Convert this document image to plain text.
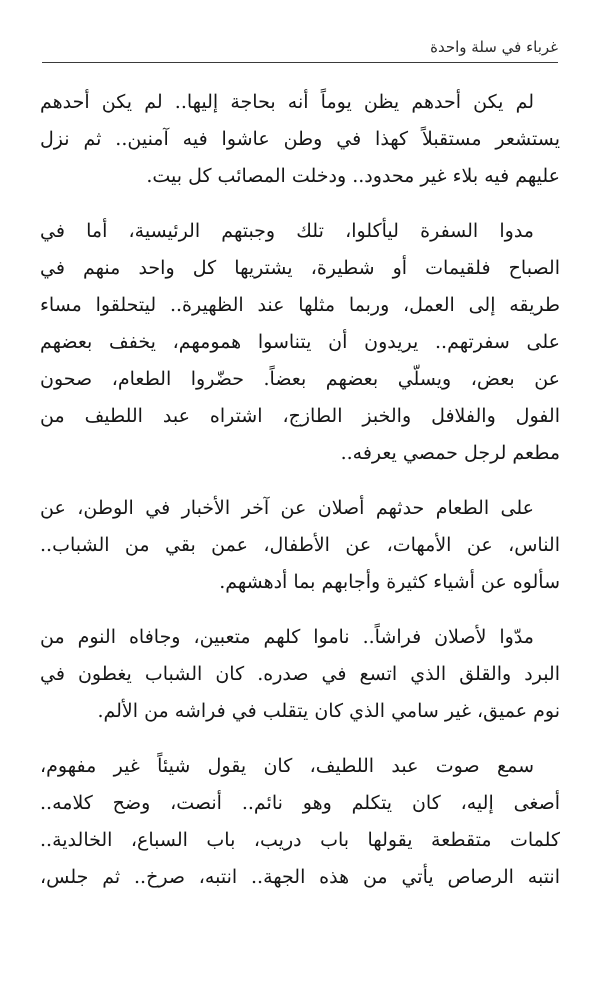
غرباء في سلة واحدة
لم يكن أحدهم يظن يوماً أنه بحاجة إليها.. لم يكن أحدهم
يستشعر مستقبلاً كهذا في وطن عاشوا فيه آمنين.. ثم نزل
عليهم فيه بلاء غير محدود.. ودخلت المصائب كل بيت.
مدوا السفرة ليأكلوا، تلك وجبتهم الرئيسية، أما في
الصباح فلقيمات أو شطيرة، يشتريها كل واحد منهم في
طريقه إلى العمل، وربما مثلها عند الظهيرة.. ليتحلقوا مساء
على سفرتهم.. يريدون أن يتناسوا همومهم، يخفف بعضهم
عن بعض، ويسلّي بعضهم بعضاً. حضّروا الطعام، صحون
الفول والفلافل والخبز الطازج، اشتراه عبد اللطيف من
مطعم لرجل حمصي يعرفه..
على الطعام حدثهم أصلان عن آخر الأخبار في الوطن، عن
الناس، عن الأمهات، عن الأطفال، عمن بقي من الشباب..
سألوه عن أشياء كثيرة وأجابهم بما أدهشهم.
مدّوا لأصلان فراشاً.. ناموا كلهم متعبين، وجافاه النوم من
البرد والقلق الذي اتسع في صدره. كان الشباب يغطون في
نوم عميق، غير سامي الذي كان يتقلب في فراشه من الألم.
سمع صوت عبد اللطيف، كان يقول شيئاً غير مفهوم،
أصغى إليه، كان يتكلم وهو نائم.. أنصت، وضح كلامه..
كلمات متقطعة يقولها باب دريب، باب السباع، الخالدية..
انتبه الرصاص يأتي من هذه الجهة.. انتبه، صرخ.. ثم جلس،
